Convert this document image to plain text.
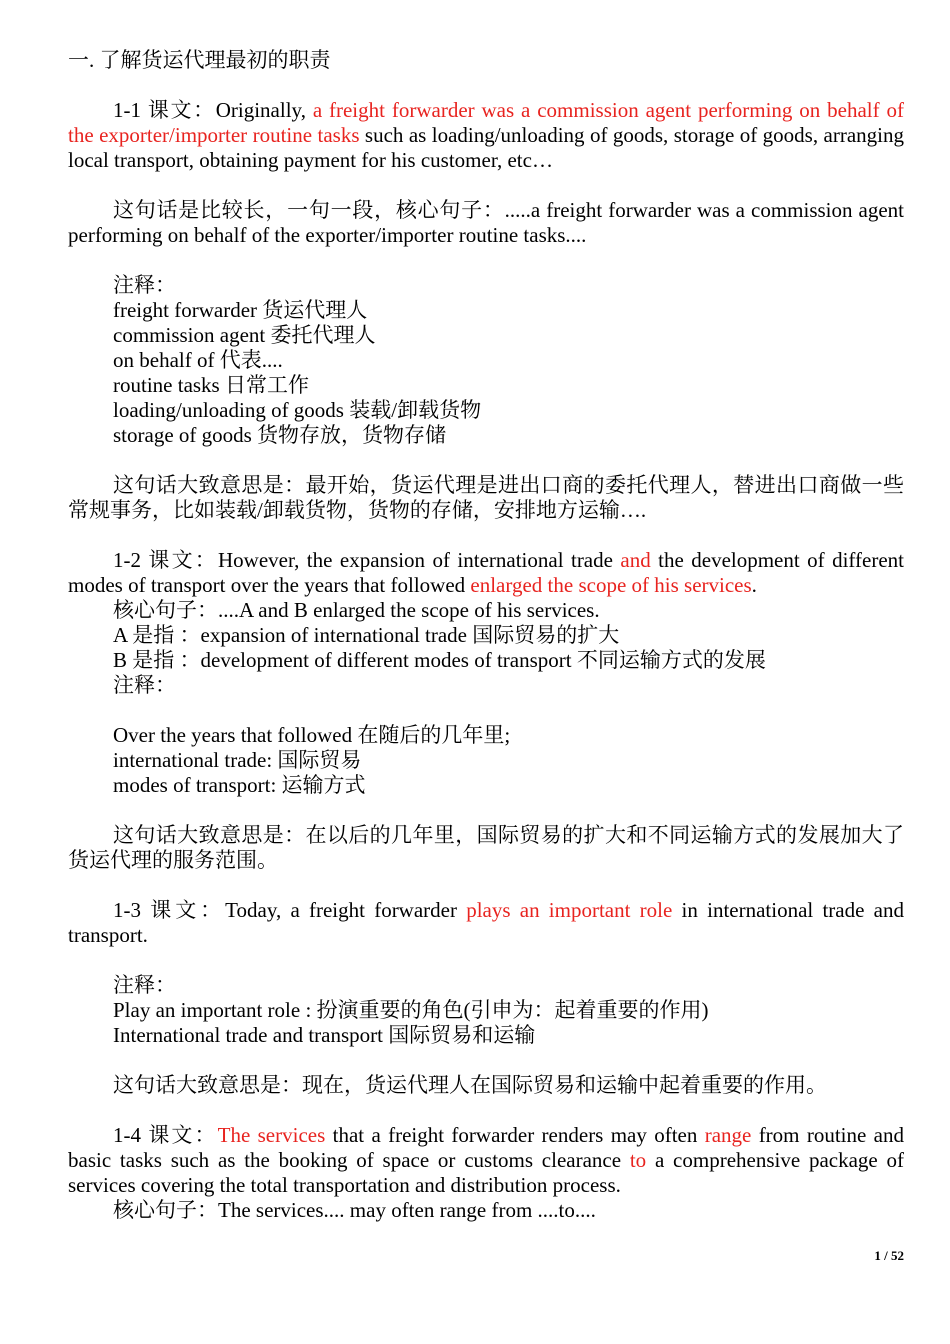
一. 了解货运代理最初的职责

1-1 课文：Originally, a freight forwarder was a commission agent performing on behalf of the exporter/importer routine tasks such as loading/unloading of goods, storage of goods, arranging local transport, obtaining payment for his customer, etc…

这句话是比较长，一句一段，核心句子：.....a freight forwarder was a commission agent performing on behalf of the exporter/importer routine tasks....

注释：

freight forwarder 货运代理人

commission agent 委托代理人

on behalf of 代表....

routine tasks 日常工作

loading/unloading of goods 装载/卸载货物

storage of goods 货物存放，货物存储

这句话大致意思是：最开始，货运代理是进出口商的委托代理人，替进出口商做一些常规事务，比如装载/卸载货物，货物的存储，安排地方运输….

1-2 课文：However, the expansion of international trade and the development of different modes of transport over the years that followed enlarged the scope of his services.

核心句子：....A and B enlarged the scope of his services.

A 是指 ：expansion of international trade 国际贸易的扩大

B 是指 ：development of different modes of transport 不同运输方式的发展

注释：

Over the years that followed 在随后的几年里;

international trade: 国际贸易

modes of transport: 运输方式

这句话大致意思是：在以后的几年里，国际贸易的扩大和不同运输方式的发展加大了货运代理的服务范围。

1-3 课文：Today, a freight forwarder plays an important role in international trade and transport.

注释：

Play an important role : 扮演重要的角色(引申为：起着重要的作用)

International trade and transport 国际贸易和运输

这句话大致意思是：现在，货运代理人在国际贸易和运输中起着重要的作用。

1-4 课文：The services that a freight forwarder renders may often range from routine and basic tasks such as the booking of space or customs clearance to a comprehensive package of services covering the total transportation and distribution process.

核心句子：The services.... may often range from ....to....

1 / 52
